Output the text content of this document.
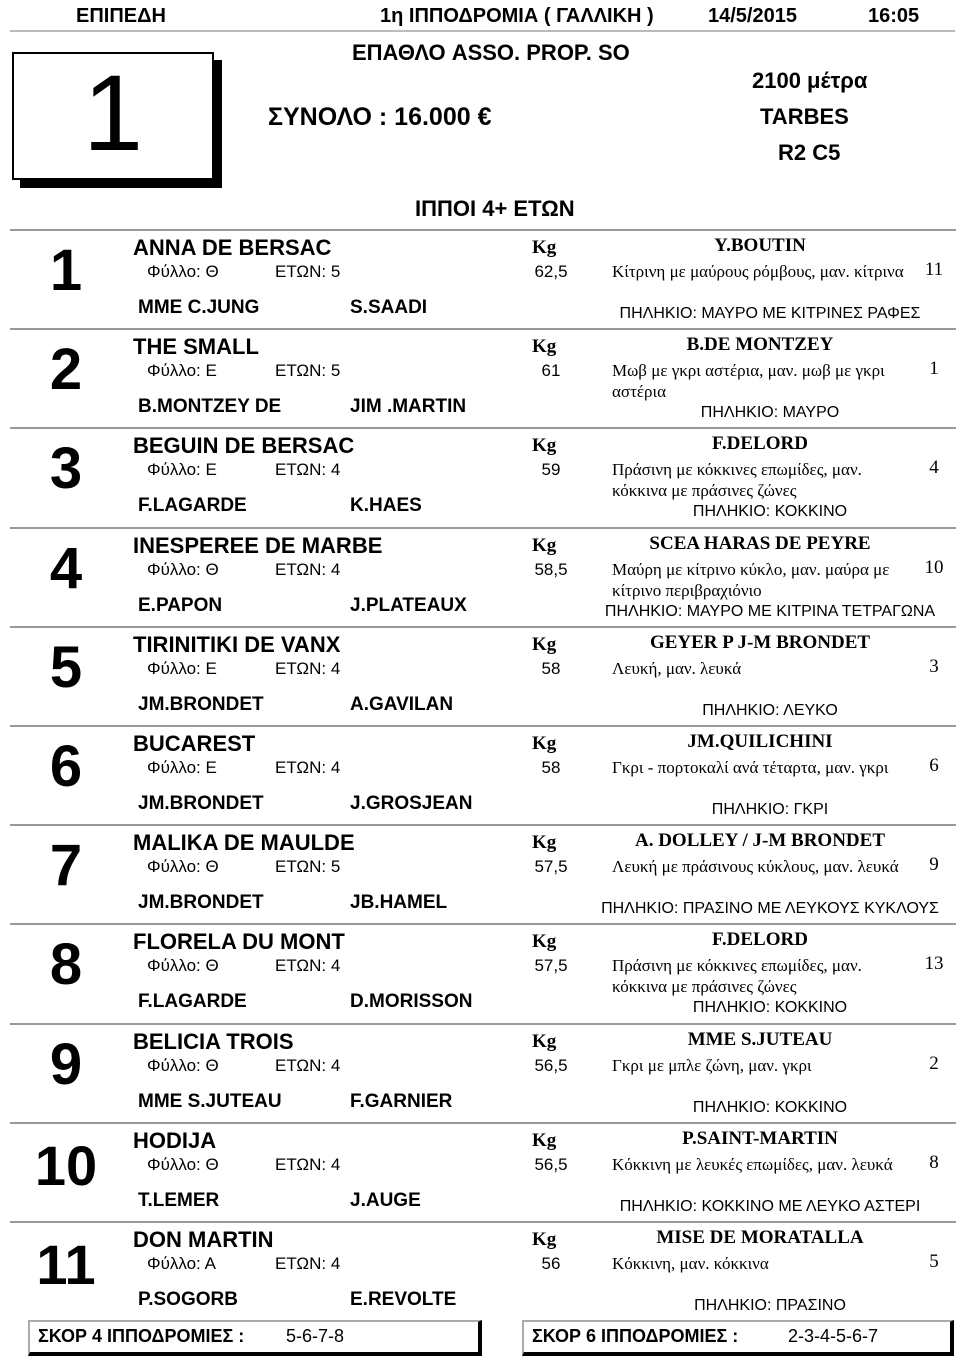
ΕΠΙΠΕΔΗ	1η ΙΠΠΟΔΡΟΜΙΑ ( ΓΑΛΛΙΚΗ )	14/5/2015	16:05
1	ΕΠΑΘΛΟ ASSO. PROP. SO
ΣΥΝΟΛΟ : 16.000 €
2100 μέτρα
TARBES
R2 C5
ΙΠΠΟΙ 4+ ΕΤΩΝ
1	ANNA DE BERSAC
Φύλλο: Θ	ΕΤΩΝ: 5
MME C.JUNG	S.SAADI
Kg
62,5
Y.BOUTIN
Κίτρινη με μαύρους ρόμβους, μαν. κίτρινα
ΠΗΛΗΚΙΟ: ΜΑΥΡΟ ΜΕ ΚΙΤΡΙΝΕΣ ΡΑΦΕΣ
11
2	THE SMALL
Φύλλο: Ε	ΕΤΩΝ: 5
B.MONTZEY DE	JIM .MARTIN
Kg
61
B.DE MONTZEY
Μωβ με γκρι αστέρια, μαν. μωβ με γκρι αστέρια
ΠΗΛΗΚΙΟ: ΜΑΥΡΟ
1
3	BEGUIN DE BERSAC
Φύλλο: Ε	ΕΤΩΝ: 4
F.LAGARDE	K.HAES
Kg
59
F.DELORD
Πράσινη με κόκκινες επωμίδες, μαν. κόκκινα με πράσινες ζώνες
ΠΗΛΗΚΙΟ: ΚΟΚΚΙΝΟ
4
4	INESPEREE DE MARBE
Φύλλο: Θ	ΕΤΩΝ: 4
E.PAPON	J.PLATEAUX
Kg
58,5
SCEA HARAS DE PEYRE
Μαύρη με κίτρινο κύκλο, μαν. μαύρα με κίτρινο περιβραχιόνιο
ΠΗΛΗΚΙΟ: ΜΑΥΡΟ ΜΕ ΚΙΤΡΙΝΑ ΤΕΤΡΑΓΩΝΑ
10
5	TIRINITIKI DE VANX
Φύλλο: Ε	ΕΤΩΝ: 4
JM.BRONDET	A.GAVILAN
Kg
58
GEYER P J-M BRONDET
Λευκή, μαν. λευκά
ΠΗΛΗΚΙΟ: ΛΕΥΚΟ
3
6	BUCAREST
Φύλλο: Ε	ΕΤΩΝ: 4
JM.BRONDET	J.GROSJEAN
Kg
58
JM.QUILICHINI
Γκρι - πορτοκαλί ανά τέταρτα, μαν. γκρι
ΠΗΛΗΚΙΟ: ΓΚΡΙ
6
7	MALIKA DE MAULDE
Φύλλο: Θ	ΕΤΩΝ: 5
JM.BRONDET	JB.HAMEL
Kg
57,5
A. DOLLEY / J-M BRONDET
Λευκή με πράσινους κύκλους, μαν. λευκά
ΠΗΛΗΚΙΟ: ΠΡΑΣΙΝΟ ΜΕ ΛΕΥΚΟΥΣ ΚΥΚΛΟΥΣ
9
8	FLORELA DU MONT
Φύλλο: Θ	ΕΤΩΝ: 4
F.LAGARDE	D.MORISSON
Kg
57,5
F.DELORD
Πράσινη με κόκκινες επωμίδες, μαν. κόκκινα με πράσινες ζώνες
ΠΗΛΗΚΙΟ: ΚΟΚΚΙΝΟ
13
9	BELICIA TROIS
Φύλλο: Θ	ΕΤΩΝ: 4
MME S.JUTEAU	F.GARNIER
Kg
56,5
MME S.JUTEAU
Γκρι με μπλε ζώνη, μαν. γκρι
ΠΗΛΗΚΙΟ: ΚΟΚΚΙΝΟ
2
10	HODIJA
Φύλλο: Θ	ΕΤΩΝ: 4
T.LEMER	J.AUGE
Kg
56,5
P.SAINT-MARTIN
Κόκκινη με λευκές επωμίδες, μαν. λευκά
ΠΗΛΗΚΙΟ: ΚΟΚΚΙΝΟ ΜΕ ΛΕΥΚΟ ΑΣΤΕΡΙ
8
11	DON MARTIN
Φύλλο: Α	ΕΤΩΝ: 4
P.SOGORB	E.REVOLTE
Kg
56
MISE DE MORATALLA
Κόκκινη, μαν. κόκκινα
ΠΗΛΗΚΙΟ: ΠΡΑΣΙΝΟ
5
ΣΚΟΡ 4 ΙΠΠΟΔΡΟΜΙΕΣ : 5-6-7-8	ΣΚΟΡ 6 ΙΠΠΟΔΡΟΜΙΕΣ :	2-3-4-5-6-7
